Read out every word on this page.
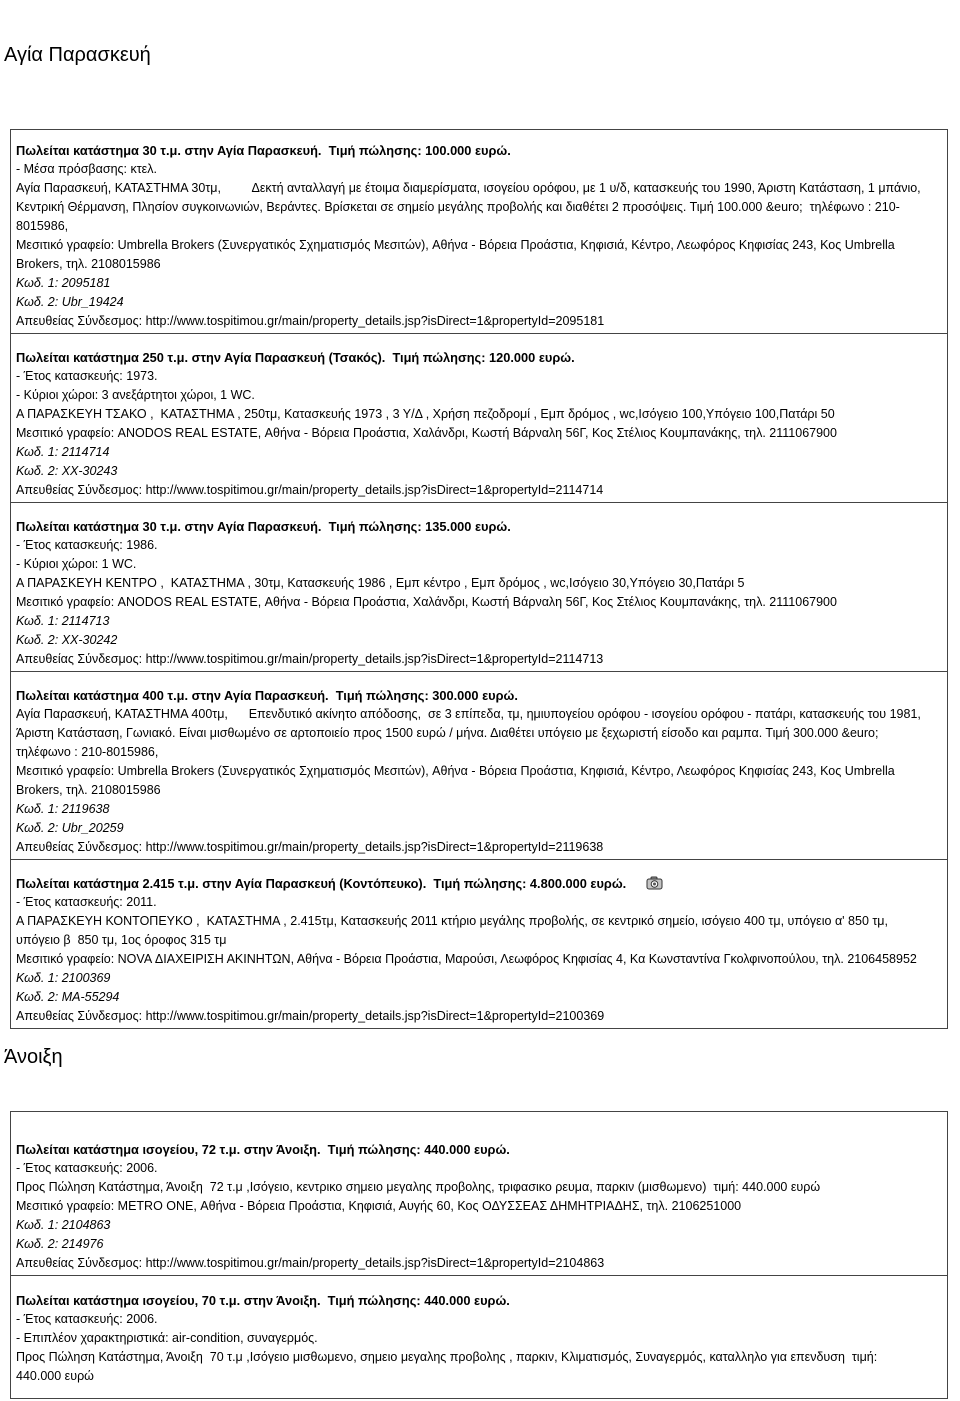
Αγία Παρασκευή
Πωλείται κατάστημα 30 τ.μ. στην Αγία Παρασκευή.  Τιμή πώλησης: 100.000 ευρώ.
- Μέσα πρόσβασης: κτελ.
Αγία Παρασκευή, ΚΑΤΑΣΤΗΜΑ 30τμ,         Δεκτή ανταλλαγή με έτοιμα διαμερίσματα, ισογείου ορόφου, με 1 υ/δ, κατασκευής του 1990, Άριστη Κατάσταση, 1 μπάνιο,
Κεντρική Θέρμανση, Πλησίον συγκοινωνιών, Βεράντες. Βρίσκεται σε σημείο μεγάλης προβολής και διαθέτει 2 προσόψεις. Τιμή 100.000 &euro;  τηλέφωνο : 210-
8015986,
Μεσιτικό γραφείο: Umbrella Brokers (Συνεργατικός Σχηματισμός Μεσιτών), Αθήνα - Βόρεια Προάστια, Κηφισιά, Κέντρο, Λεωφόρος Κηφισίας 243, Κος Umbrella
Brokers, τηλ. 2108015986
Κωδ. 1: 2095181
Κωδ. 2: Ubr_19424
Απευθείας Σύνδεσμος: http://www.tospitimou.gr/main/property_details.jsp?isDirect=1&propertyId=2095181
Πωλείται κατάστημα 250 τ.μ. στην Αγία Παρασκευή (Τσακός).  Τιμή πώλησης: 120.000 ευρώ.
- Έτος κατασκευής: 1973.
- Κύριοι χώροι: 3 ανεξάρτητοι χώροι, 1 WC.
Α ΠΑΡΑΣΚΕΥΗ ΤΣΑΚΟ ,  ΚΑΤΑΣΤΗΜΑ , 250τμ, Κατασκευής 1973 , 3 Υ/Δ , Χρήση πεζοδρομί , Εμπ δρόμος , wc,Ισόγειο 100,Υπόγειο 100,Πατάρι 50
Μεσιτικό γραφείο: ANODOS REAL ESTATE, Αθήνα - Βόρεια Προάστια, Χαλάνδρι, Κωστή Βάρναλη 56Γ, Κος Στέλιος Κουμπανάκης, τηλ. 2111067900
Κωδ. 1: 2114714
Κωδ. 2: XX-30243
Απευθείας Σύνδεσμος: http://www.tospitimou.gr/main/property_details.jsp?isDirect=1&propertyId=2114714
Πωλείται κατάστημα 30 τ.μ. στην Αγία Παρασκευή.  Τιμή πώλησης: 135.000 ευρώ.
- Έτος κατασκευής: 1986.
- Κύριοι χώροι: 1 WC.
Α ΠΑΡΑΣΚΕΥΗ ΚΕΝΤΡΟ ,  ΚΑΤΑΣΤΗΜΑ , 30τμ, Κατασκευής 1986 , Εμπ κέντρο , Εμπ δρόμος , wc,Ισόγειο 30,Υπόγειο 30,Πατάρι 5
Μεσιτικό γραφείο: ANODOS REAL ESTATE, Αθήνα - Βόρεια Προάστια, Χαλάνδρι, Κωστή Βάρναλη 56Γ, Κος Στέλιος Κουμπανάκης, τηλ. 2111067900
Κωδ. 1: 2114713
Κωδ. 2: XX-30242
Απευθείας Σύνδεσμος: http://www.tospitimou.gr/main/property_details.jsp?isDirect=1&propertyId=2114713
Πωλείται κατάστημα 400 τ.μ. στην Αγία Παρασκευή.  Τιμή πώλησης: 300.000 ευρώ.
Αγία Παρασκευή, ΚΑΤΑΣΤΗΜΑ 400τμ,      Επενδυτικό ακίνητο απόδοσης,  σε 3 επίπεδα, τμ, ημιυπογείου ορόφου - ισογείου ορόφου - πατάρι, κατασκευής του 1981,
Άριστη Κατάσταση, Γωνιακό. Είναι μισθωμένο σε αρτοποιείο προς 1500 ευρώ / μήνα. Διαθέτει υπόγειο με ξεχωριστή είσοδο και ραμπα. Τιμή 300.000 &euro;
τηλέφωνο : 210-8015986,
Μεσιτικό γραφείο: Umbrella Brokers (Συνεργατικός Σχηματισμός Μεσιτών), Αθήνα - Βόρεια Προάστια, Κηφισιά, Κέντρο, Λεωφόρος Κηφισίας 243, Κος Umbrella
Brokers, τηλ. 2108015986
Κωδ. 1: 2119638
Κωδ. 2: Ubr_20259
Απευθείας Σύνδεσμος: http://www.tospitimou.gr/main/property_details.jsp?isDirect=1&propertyId=2119638
Πωλείται κατάστημα 2.415 τ.μ. στην Αγία Παρασκευή (Κοντόπευκο).  Τιμή πώλησης: 4.800.000 ευρώ.
- Έτος κατασκευής: 2011.
Α ΠΑΡΑΣΚΕΥΗ ΚΟΝΤΟΠΕΥΚΟ ,  ΚΑΤΑΣΤΗΜΑ , 2.415τμ, Κατασκευής 2011 κτήριο μεγάλης προβολής, σε κεντρικό σημείο, ισόγειο 400 τμ, υπόγειο α' 850 τμ,
υπόγειο β  850 τμ, 1ος όροφος 315 τμ
Μεσιτικό γραφείο: NOVA ΔΙΑΧΕΙΡΙΣΗ ΑΚΙΝΗΤΩΝ, Αθήνα - Βόρεια Προάστια, Μαρούσι, Λεωφόρος Κηφισίας 4, Κα Κωνσταντίνα Γκολφινοπούλου, τηλ. 2106458952
Κωδ. 1: 2100369
Κωδ. 2: MA-55294
Απευθείας Σύνδεσμος: http://www.tospitimou.gr/main/property_details.jsp?isDirect=1&propertyId=2100369
Άνοιξη
Πωλείται κατάστημα ισογείου, 72 τ.μ. στην Άνοιξη.  Τιμή πώλησης: 440.000 ευρώ.
- Έτος κατασκευής: 2006.
Προς Πώληση Κατάστημα, Άνοιξη  72 τ.μ ,Ισόγειο, κεντρικο σημειο μεγαλης προβολης, τριφασικο ρευμα, παρκιν (μισθωμενο)  τιμή: 440.000 ευρώ
Μεσιτικό γραφείο: METRO ONE, Αθήνα - Βόρεια Προάστια, Κηφισιά, Αυγής 60, Κος ΟΔΥΣΣΕΑΣ ΔΗΜΗΤΡΙΑΔΗΣ, τηλ. 2106251000
Κωδ. 1: 2104863
Κωδ. 2: 214976
Απευθείας Σύνδεσμος: http://www.tospitimou.gr/main/property_details.jsp?isDirect=1&propertyId=2104863
Πωλείται κατάστημα ισογείου, 70 τ.μ. στην Άνοιξη.  Τιμή πώλησης: 440.000 ευρώ.
- Έτος κατασκευής: 2006.
- Επιπλέον χαρακτηριστικά: air-condition, συναγερμός.
Προς Πώληση Κατάστημα, Άνοιξη  70 τ.μ ,Ισόγειο μισθωμενο, σημειο μεγαλης προβολης , παρκιν, Κλιματισμός, Συναγερμός, καταλληλο για επενδυση  τιμή:
440.000 ευρώ
